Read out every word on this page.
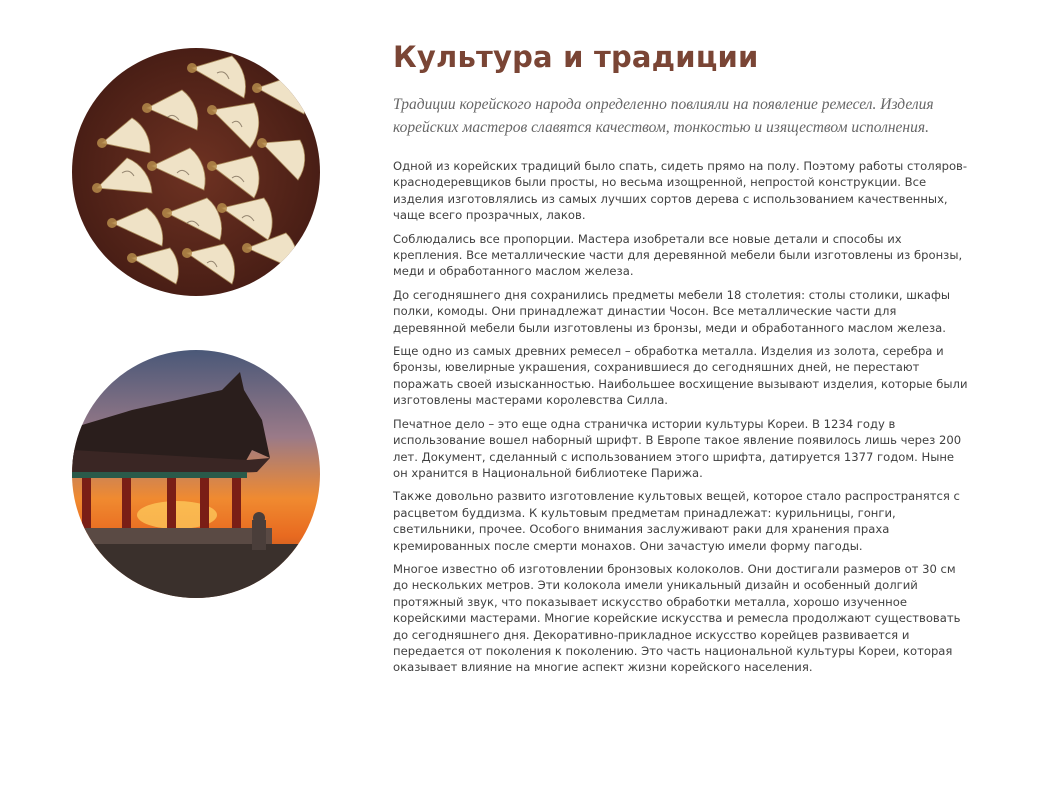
Культура и традиции

Традиции корейского народа определенно повлияли на появление ремесел. Изделия корейских мастеров славятся качеством, тонкостью и изяществом исполнения.

Одной из корейских традиций было спать, сидеть прямо на полу. Поэтому работы столяров-краснодеревщиков были просты, но весьма изощренной, непростой конструкции. Все изделия изготовлялись из самых лучших сортов дерева с использованием качественных, чаще всего прозрачных, лаков.

Соблюдались все пропорции. Мастера изобретали все новые детали и способы их крепления. Все металлические части для деревянной мебели были изготовлены из бронзы, меди и обработанного маслом железа.

До сегодняшнего дня сохранились предметы мебели 18 столетия: столы столики, шкафы полки, комоды. Они принадлежат династии Чосон. Все металлические части для деревянной мебели были изготовлены из бронзы, меди и обработанного маслом железа.

Еще одно из самых древних ремесел – обработка металла. Изделия из золота, серебра и бронзы, ювелирные украшения, сохранившиеся до сегодняшних дней, не перестают поражать своей изысканностью. Наибольшее восхищение вызывают изделия, которые были изготовлены мастерами королевства Силла.

Печатное дело – это еще одна страничка истории культуры Кореи. В 1234 году в использование вошел наборный шрифт. В Европе такое явление появилось лишь через 200 лет. Документ, сделанный с использованием этого шрифта, датируется 1377 годом. Ныне он хранится в Национальной библиотеке Парижа.

Также довольно развито изготовление культовых вещей, которое стало распространятся с расцветом буддизма. К культовым предметам принадлежат: курильницы, гонги, светильники, прочее. Особого внимания заслуживают раки для хранения праха кремированных после смерти монахов. Они зачастую имели форму пагоды.

Многое известно об изготовлении бронзовых колоколов. Они достигали размеров от 30 см до нескольких метров. Эти колокола имели уникальный дизайн и особенный долгий протяжный звук, что показывает искусство обработки металла, хорошо изученное корейскими мастерами. Многие корейские искусства и ремесла продолжают существовать до сегодняшнего дня. Декоративно-прикладное искусство корейцев развивается и передается от поколения к поколению. Это часть национальной культуры Кореи, которая оказывает влияние на многие аспект жизни корейского населения.
